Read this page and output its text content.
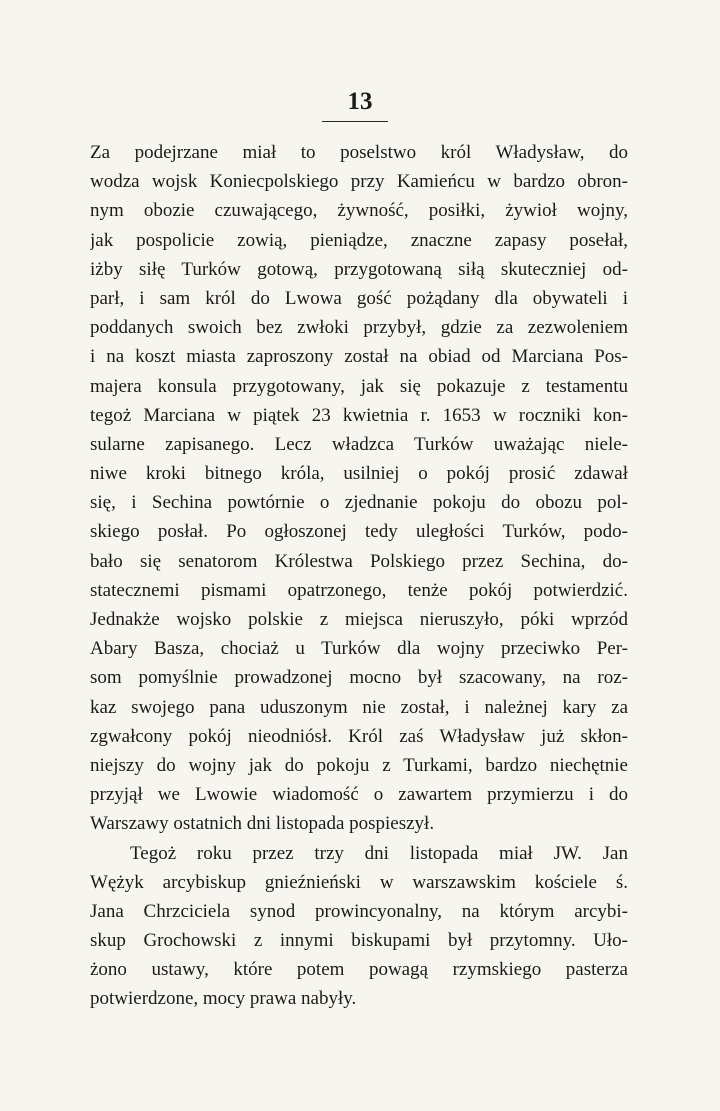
13
Za podejrzane miał to poselstwo król Władysław, do
wodza wojsk Koniecpolskiego przy Kamieńcu w bardzo obron-
nym obozie czuwającego, żywność, posiłki, żywioł wojny,
jak pospolicie zowią, pieniądze, znaczne zapasy posełał,
iżby siłę Turków gotową, przygotowaną siłą skuteczniej od-
parł, i sam król do Lwowa gość pożądany dla obywateli i
poddanych swoich bez zwłoki przybył, gdzie za zezwoleniem
i na koszt miasta zaproszony został na obiad od Marciana Pos-
majera konsula przygotowany, jak się pokazuje z testamentu
tegoż Marciana w piątek 23 kwietnia r. 1653 w roczniki kon-
sularne zapisanego. Lecz władzca Turków uważając niele-
niwe kroki bitnego króla, usilniej o pokój prosić zdawał
się, i Sechina powtórnie o zjednanie pokoju do obozu pol-
skiego posłał. Po ogłoszonej tedy uległości Turków, podo-
bało się senatorom Królestwa Polskiego przez Sechina, do-
statecznemi pismami opatrzonego, tenże pokój potwierdzić.
Jednakże wojsko polskie z miejsca nieruszyło, póki wprzód
Abary Basza, chociaż u Turków dla wojny przeciwko Per-
som pomyślnie prowadzonej mocno był szacowany, na roz-
kaz swojego pana uduszonym nie został, i należnej kary za
zgwałcony pokój nieodniósł. Król zaś Władysław już skłon-
niejszy do wojny jak do pokoju z Turkami, bardzo niechętnie
przyjął we Lwowie wiadomość o zawartem przymierzu i do
Warszawy ostatnich dni listopada pospieszył.
Tegoż roku przez trzy dni listopada miał JW. Jan
Wężyk arcybiskup gnieźnieński w warszawskim kościele ś.
Jana Chrzciciela synod prowincyonalny, na którym arcybi-
skup Grochowski z innymi biskupami był przytomny. Uło-
żono ustawy, które potem powagą rzymskiego pasterza
potwierdzone, mocy prawa nabyły.
